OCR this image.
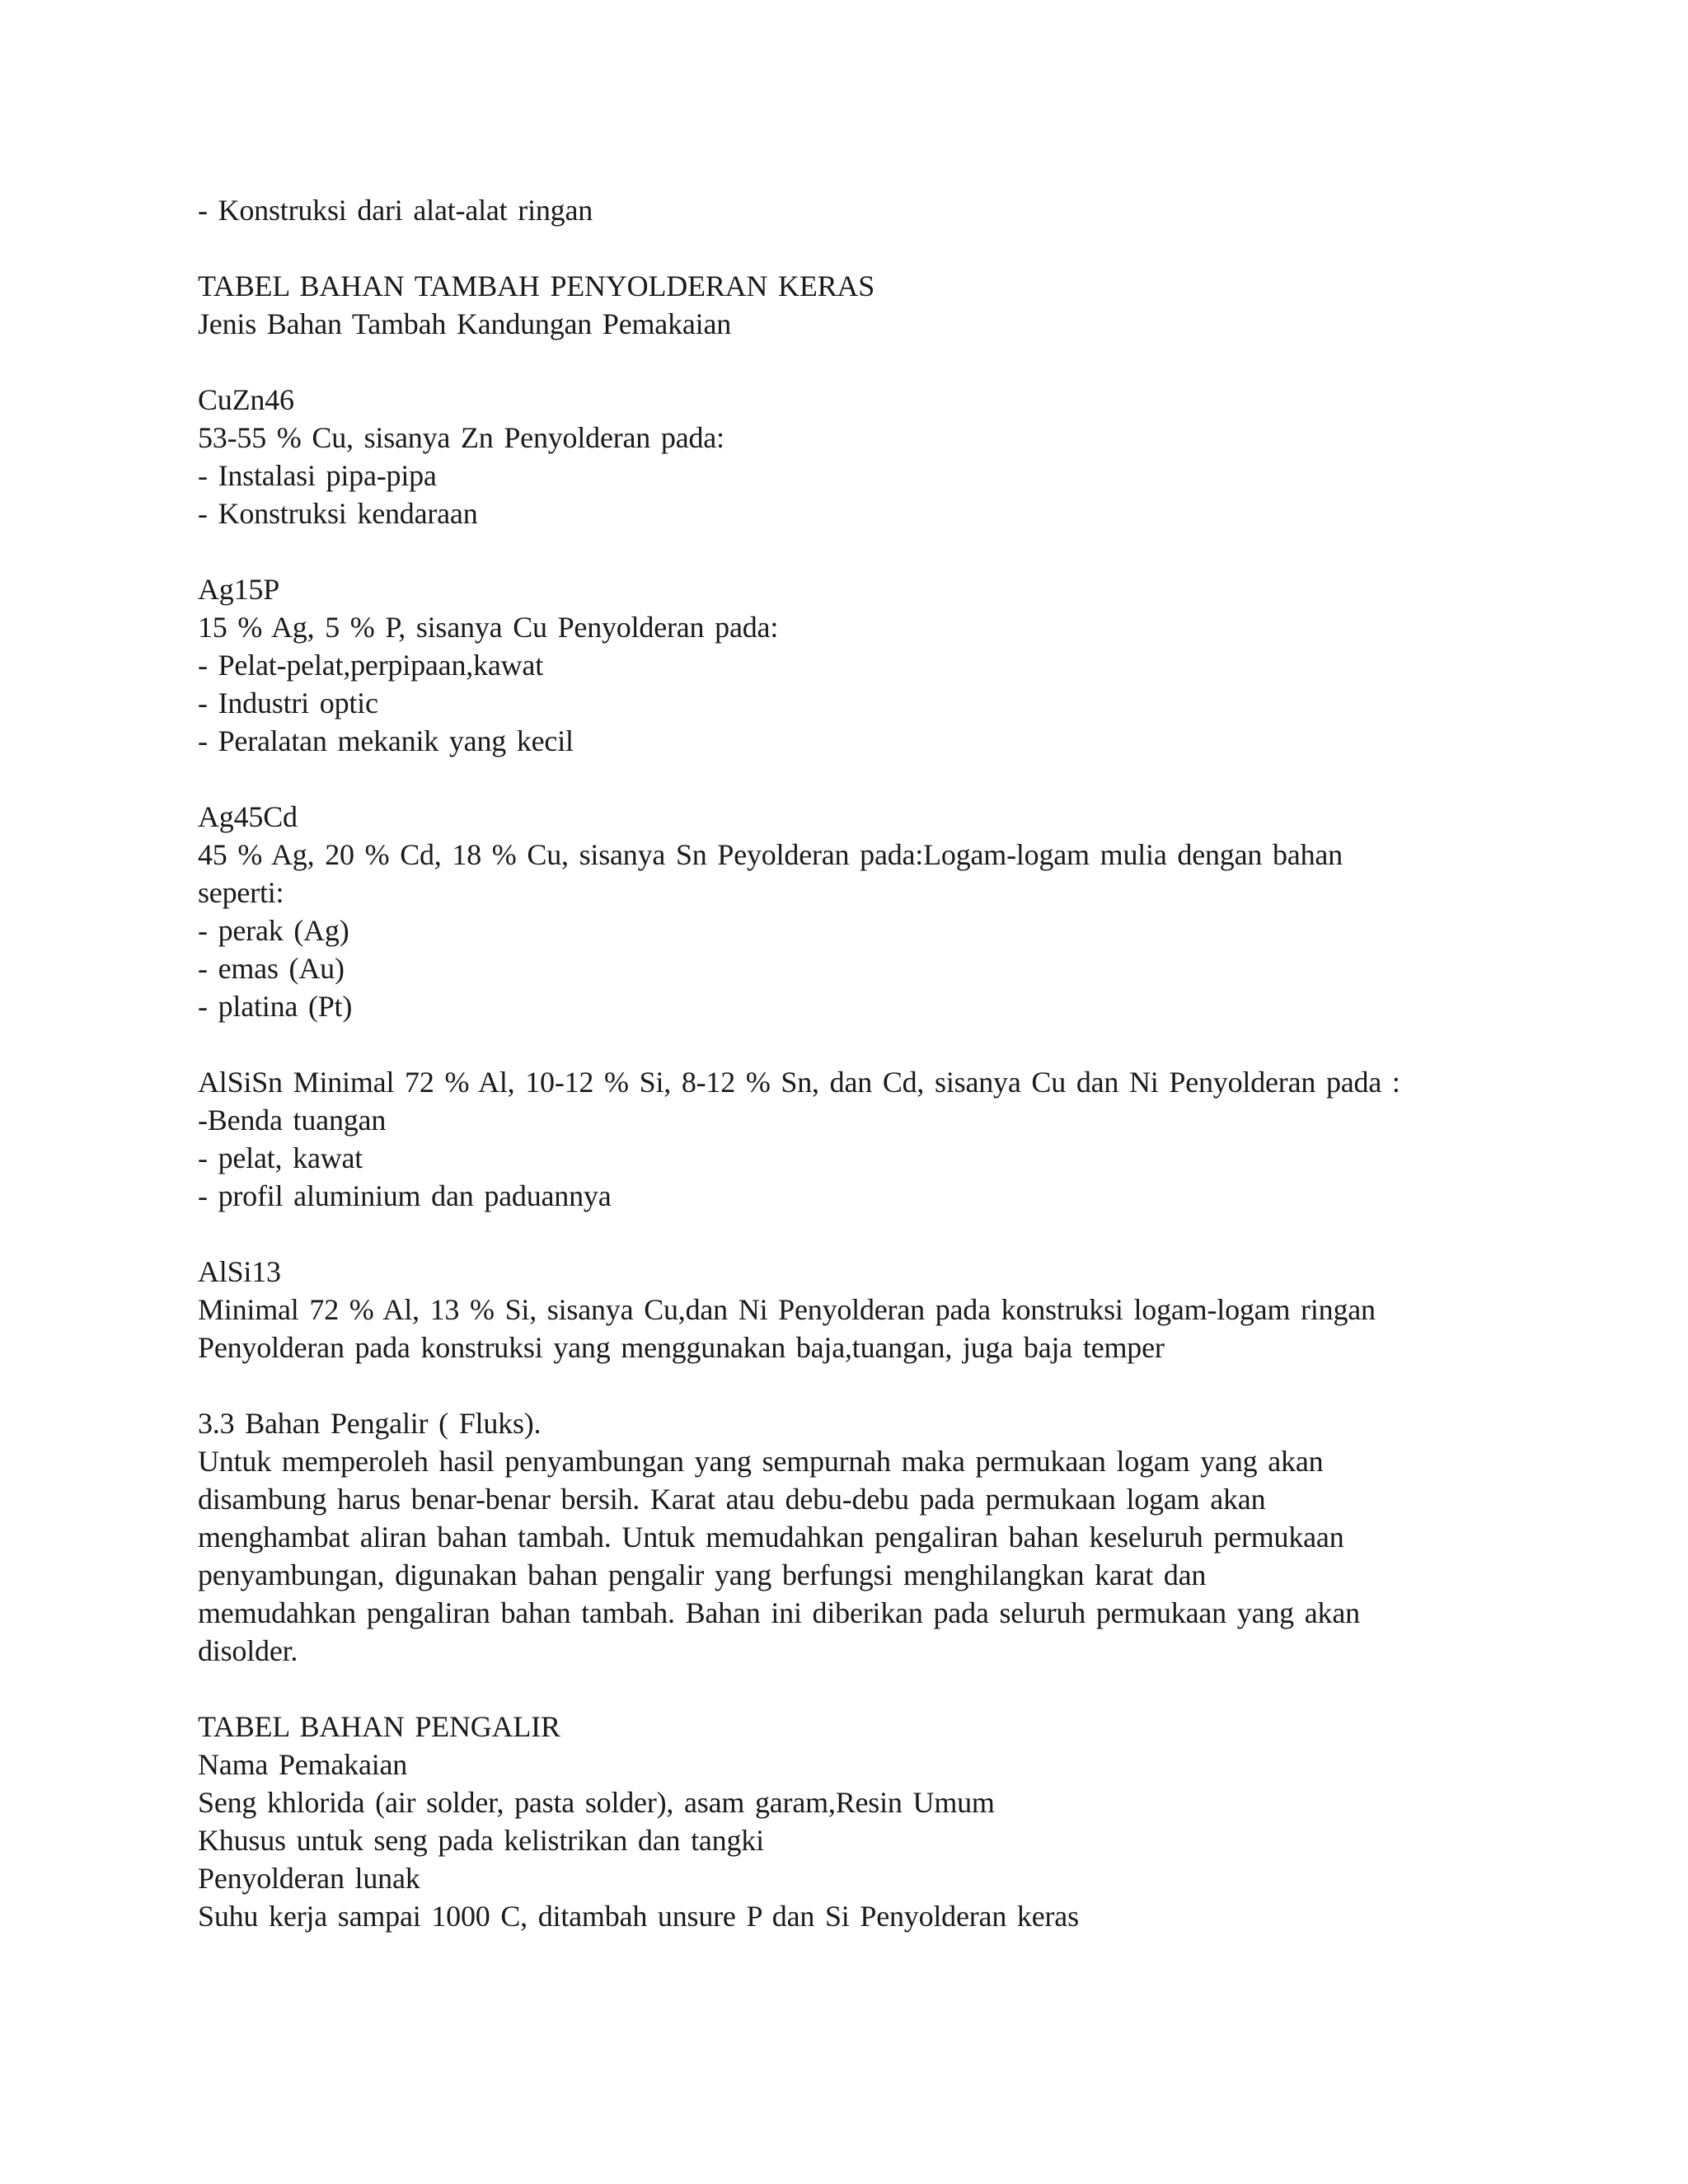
- Konstruksi dari alat-alat ringan
TABEL BAHAN TAMBAH PENYOLDERAN KERAS
Jenis Bahan Tambah Kandungan Pemakaian
CuZn46
53-55 % Cu, sisanya Zn Penyolderan pada:
- Instalasi pipa-pipa
- Konstruksi kendaraan
Ag15P
15 % Ag, 5 % P, sisanya Cu Penyolderan pada:
- Pelat-pelat,perpipaan,kawat
- Industri optic
- Peralatan mekanik yang kecil
Ag45Cd
45 % Ag, 20 % Cd, 18 % Cu, sisanya Sn Peyolderan pada:Logam-logam mulia dengan bahan
seperti:
- perak (Ag)
- emas (Au)
- platina (Pt)
AlSiSn Minimal 72 % Al, 10-12 % Si, 8-12 % Sn, dan Cd, sisanya Cu dan Ni Penyolderan pada :
-Benda tuangan
- pelat, kawat
- profil aluminium dan paduannya
AlSi13
Minimal 72 % Al, 13 % Si, sisanya Cu,dan Ni Penyolderan pada konstruksi logam-logam ringan
Penyolderan pada konstruksi yang menggunakan baja,tuangan, juga baja temper
3.3 Bahan Pengalir ( Fluks).
Untuk memperoleh hasil penyambungan yang sempurnah maka permukaan logam yang akan
disambung harus benar-benar bersih. Karat atau debu-debu pada permukaan logam akan
menghambat aliran bahan tambah. Untuk memudahkan pengaliran bahan keseluruh permukaan
penyambungan, digunakan bahan pengalir yang berfungsi menghilangkan karat dan
memudahkan pengaliran bahan tambah. Bahan ini diberikan pada seluruh permukaan yang akan
disolder.
TABEL BAHAN PENGALIR
Nama Pemakaian
Seng khlorida (air solder, pasta solder), asam garam,Resin Umum
Khusus untuk seng pada kelistrikan dan tangki
Penyolderan lunak
Suhu kerja sampai 1000 C, ditambah unsure P dan Si Penyolderan keras
